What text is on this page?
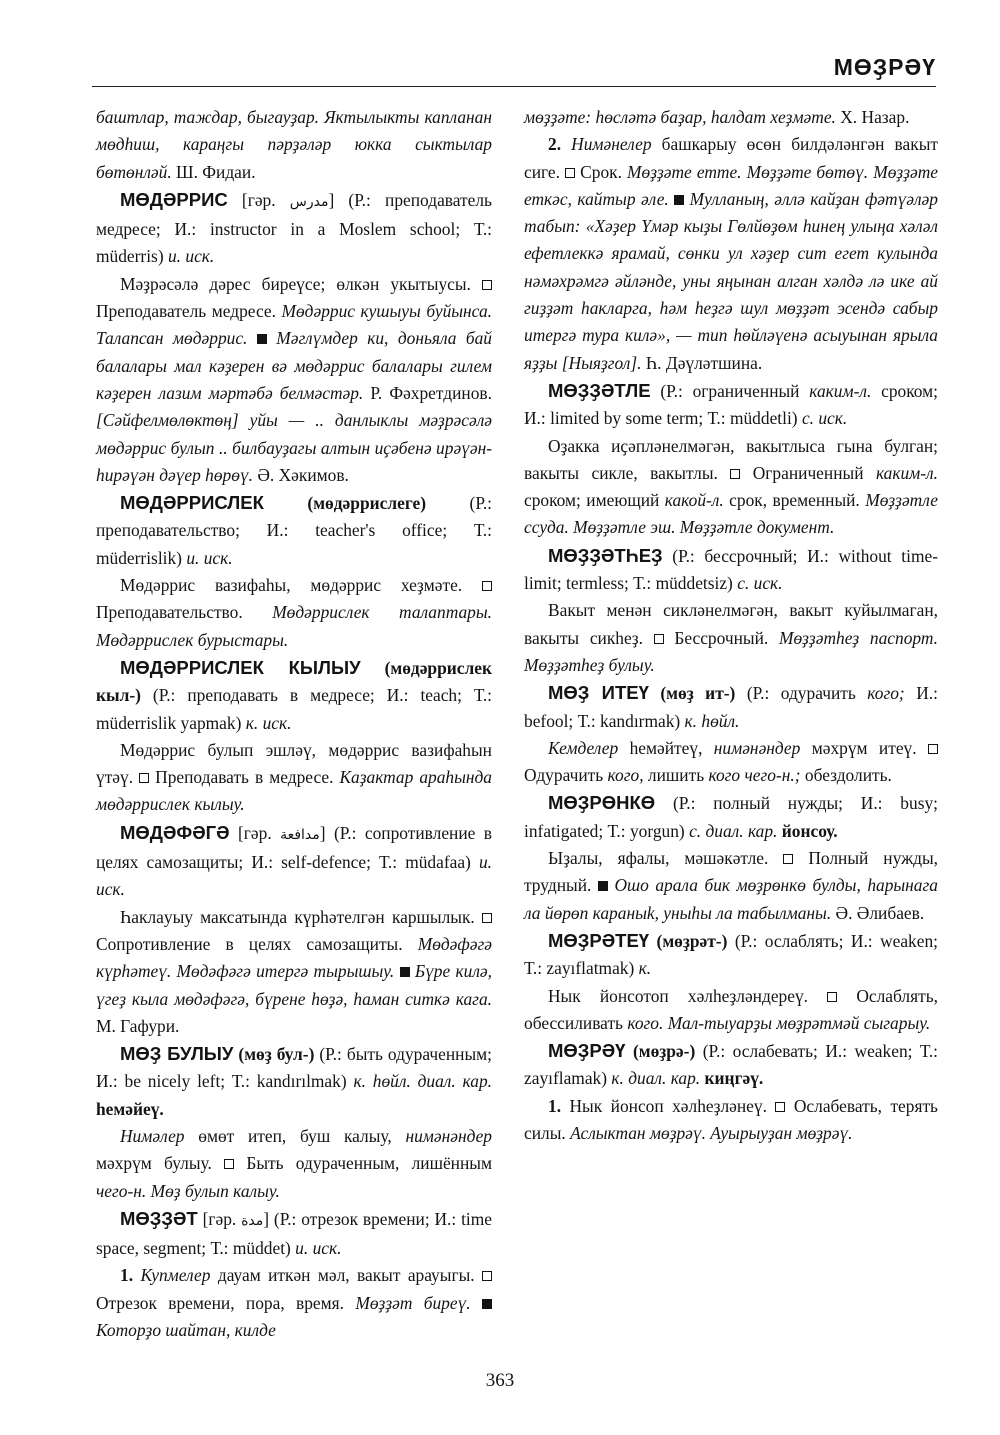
МӨҘРӘҮ

баштлар, таждар, быгауҙар. Яктылыкты капланан мөдһиш, караңгы пәрҙәләр юкка сыктылар бөтөнләй. Ш. Фидаи.

МӨДӘРРИС [гәр. مدرس] (Р.: преподаватель медресе; И.: instructor in a Moslem school; Т.: müderris) и. иск.

Мәҙрәсәлә дәрес биреүсе; өлкән укытыусы.  Преподаватель медресе. Мөдәррис кушыуы буйынса. Талапсан мөдәррис. Мәглүмдер ки, доньяла бай балалары мал кәҙерен вә мөдәррис балалары гилем кәҙерен лазим мәртәбә белмәстәр. Р. Фәхретдинов. [Сәйфелмөлөктөң] уйы — .. данлыклы мәҙрәсәлә мөдәррис булып .. билбауҙагы алтын иҫәбенә ирәүән-һирәүән дәүер һөрөү. Ә. Хәкимов.

МӨДӘРРИСЛЕК	(мөдәррислеге)	(Р.: преподавательство; И.: teacher's office; Т.: müderrislik) и. иск.

Мөдәррис вазифаһы, мөдәррис хеҙмәте.  Преподавательство. Мөдәррислек талаптары. Мөдәррислек бурыстары.

МӨДӘРРИСЛЕК КЫЛЫУ (мөдәррислек кыл-) (Р.: преподавать в медресе; И.: teach; Т.: müderrislik yapmak) к. иск.

Мөдәррис булып эшләү, мөдәррис вазифаһын үтәү. Преподавать в медресе. Каҙактар араһында мөдәррислек кылыу.

МӨДӘФӘГӘ [гәр. مدافعة] (Р.: сопротивление в целях самозащиты; И.: self-defence; Т.: müdafaa) и. иск.

Һаклаyыу максатында күрһәтелгән каршылык.  Сопротивление в целях самозащиты. Мөдәфәгә күрһәтеү. Мөдәфәгә итергә тырышыу. Бүре килә, үгеҙ кыла мөдәфәгә, бүрене һөҙә, һаман ситкә кага. М. Гафури.

МӨҘ БУЛЫУ (мөҙ бул-) (Р.: быть одураченным; И.: be nicely left; Т.: kandırılmak) к. һөйл. диал. кар. һемәйеү.

Нимәлер өмөт итеп, буш калыу, нимәнәндер мәхрүм булыу. Быть одураченным, лишённым чего-н. Мөҙ булып калыу.

МӨҘҘӘТ [гәр. مدة] (Р.: отрезок времени; И.: time space, segment; Т.: müddet) и. иск.

1. Купмелер дауам иткән мәл, вакыт арауыгы.  Отрезок времени, пора, время. Мөҙҙәт биреү.  Которҙо шайтан, килде

мөҙҙәте: һөсләтә баҙар, һалдат хеҙмәте. Х. Назар.

2. Нимәнелер башкарыу өсөн билдәләнгән вакыт сиге. Срок. Мөҙҙәте етте. Мөҙҙәте бөтөү. Мөҙҙәте еткәс, кайтыр әле. Мулланың, әллә кайҙан фәтүәләр табып: «Хәҙер Үмәр кыҙы Гөлйөҙөм һинең улыңа хәләл ефетлеккә ярамай, сөнки ул хәҙер сит егет кулында нәмәхрәмгә әйләнде, уны яңынан алган хәлдә лә ике ай гиҙҙәт һакларга, һәм һеҙгә шул мөҙҙәт эсендә сабыр итергә тура килә», — тип һөйләүенә асыуынан ярыла яҙҙы [Ныяҙгол]. Һ. Дәүләтшина.

МӨҘҘӘТЛЕ (Р.: ограниченный каким-л. сроком; И.: limited by some term; Т.: müddetli) с. иск.

Оҙакка иҫәпләнелмәгән, вакытлыса гына булган; вакыты сикле, вакытлы. Ограниченный каким-л. сроком; имеющий какой-л. срок, временный. Мөҙҙәтле ссуда. Мөҙҙәтле эш. Мөҙҙәтле документ.

МӨҘҘӘТҺЕҘ (Р.: бессрочный; И.: without time-limit; termless; Т.: müddetsiz) с. иск.

Вакыт менән сикләнелмәгән, вакыт куйылмаган, вакыты сикһеҙ. Бессрочный. Мөҙҙәтһеҙ паспорт. Мөҙҙәтһеҙ булыу.

МӨҘ ИТЕҮ (мөҙ ит-) (Р.: одурачить кого; И.: befool; Т.: kandırmak) к. һөйл.

Кемделер һемәйтеү, нимәнәндер мәхрүм итеү.  Одурачить кого, лишить кого чего-н.; обездолить.

МӨҘРӨНКӨ (Р.: полный нужды; И.: busy; infatigated; Т.: yorgun) с. диал. кар. йонсоу.

Ыҙалы, яфалы, мәшәкәтле. Полный нужды, трудный. Ошо арала бик мөҙрөнкө булды, һарынага ла йөрөп караныk, уныһы ла табылманы. Ә. Әлибаев.

МӨҘРӘТЕҮ (мөҙрәт-) (Р.: ослаблять; И.: weaken; Т.: zayıflatmak) к.

Нык йонсотоп хәлһеҙләндереү.	Ослаблять, обессиливать кого. Мал-тыуарҙы мөҙрәтмәй сыгарыу.

МӨҘРӘҮ (мөҙрә-) (Р.: ослабевать; И.: weaken; Т.: zayıflamak) к. диал. кар. киңгәү.

1. Нык йонсоп хәлһеҙләнеү. Ослабевать, терять силы. Аслыктан мөҙрәү. Ауырыуҙан мөҙрәү.

363
